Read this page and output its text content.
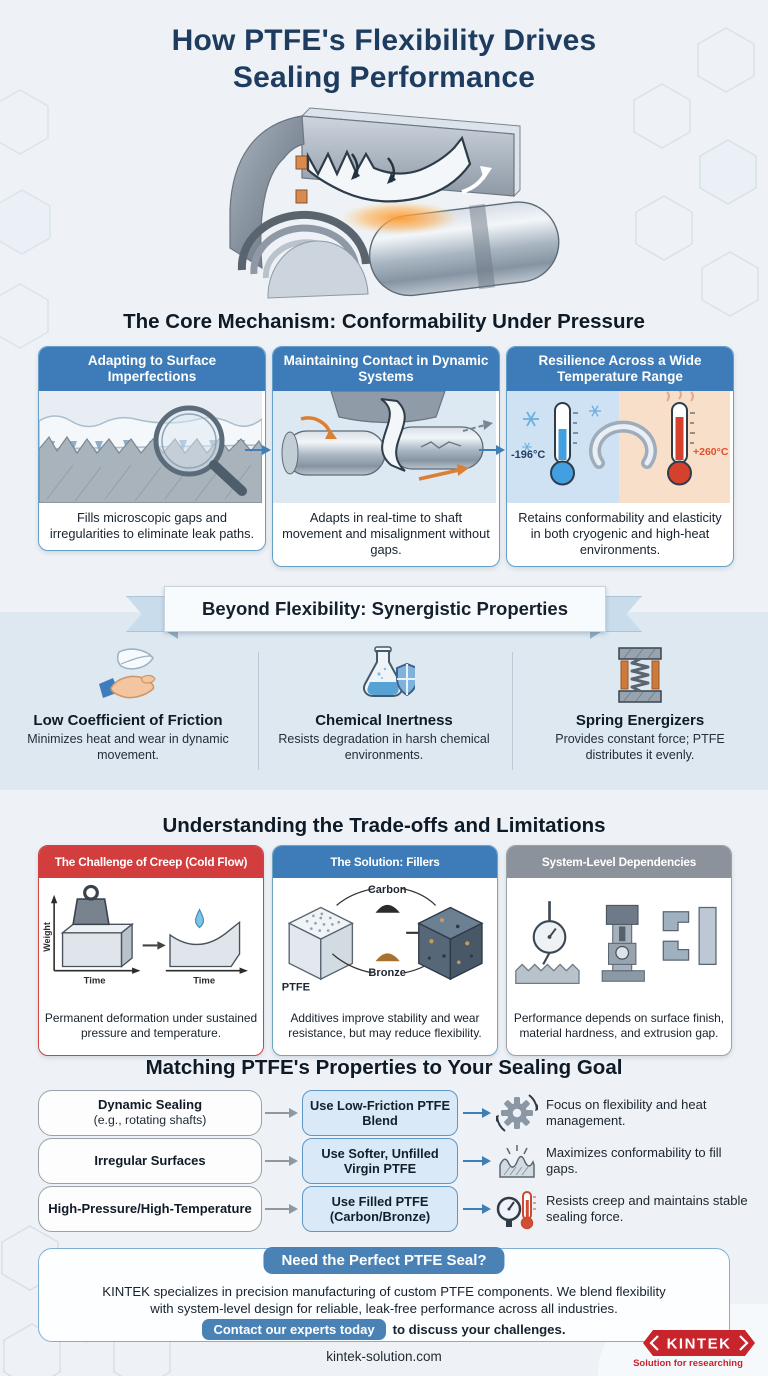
How PTFE's Flexibility Drives
Sealing Performance
The Core Mechanism: Conformability Under Pressure
Adapting to Surface Imperfections
Fills microscopic gaps and irregularities to eliminate leak paths.
Maintaining Contact in Dynamic Systems
Adapts in real-time to shaft movement and misalignment without gaps.
Resilience Across a Wide Temperature Range
-196°C	+260°C
Retains conformability and elasticity in both cryogenic and high-heat environments.
Beyond Flexibility: Synergistic Properties
Low Coefficient of Friction
Minimizes heat and wear in dynamic movement.
Chemical Inertness
Resists degradation in harsh chemical environments.
Spring Energizers
Provides constant force; PTFE distributes it evenly.
Understanding the Trade-offs and Limitations
The Challenge of Creep (Cold Flow)
Weight
Time	Time
Permanent deformation under sustained pressure and temperature.
The Solution: Fillers
PTFE
Carbon
Bronze
Additives improve stability and wear resistance, but may reduce flexibility.
System-Level Dependencies
Performance depends on surface finish, material hardness, and extrusion gap.
Matching PTFE's Properties to Your Sealing Goal
Dynamic Sealing
(e.g., rotating shafts)
Use Low-Friction PTFE Blend
Focus on flexibility and heat management.
Irregular Surfaces	Use Softer, Unfilled Virgin PTFE
Maximizes conformability to fill gaps.
High-Pressure/High-Temperature	Use Filled PTFE (Carbon/Bronze)
Resists creep and maintains stable sealing force.
Need the Perfect PTFE Seal?
KINTEK specializes in precision manufacturing of custom PTFE components. We blend flexibility
with system-level design for reliable, leak-free performance across all industries.
Contact our experts today	to discuss your challenges.
kintek-solution.com
KINTEK
Solution for researching
